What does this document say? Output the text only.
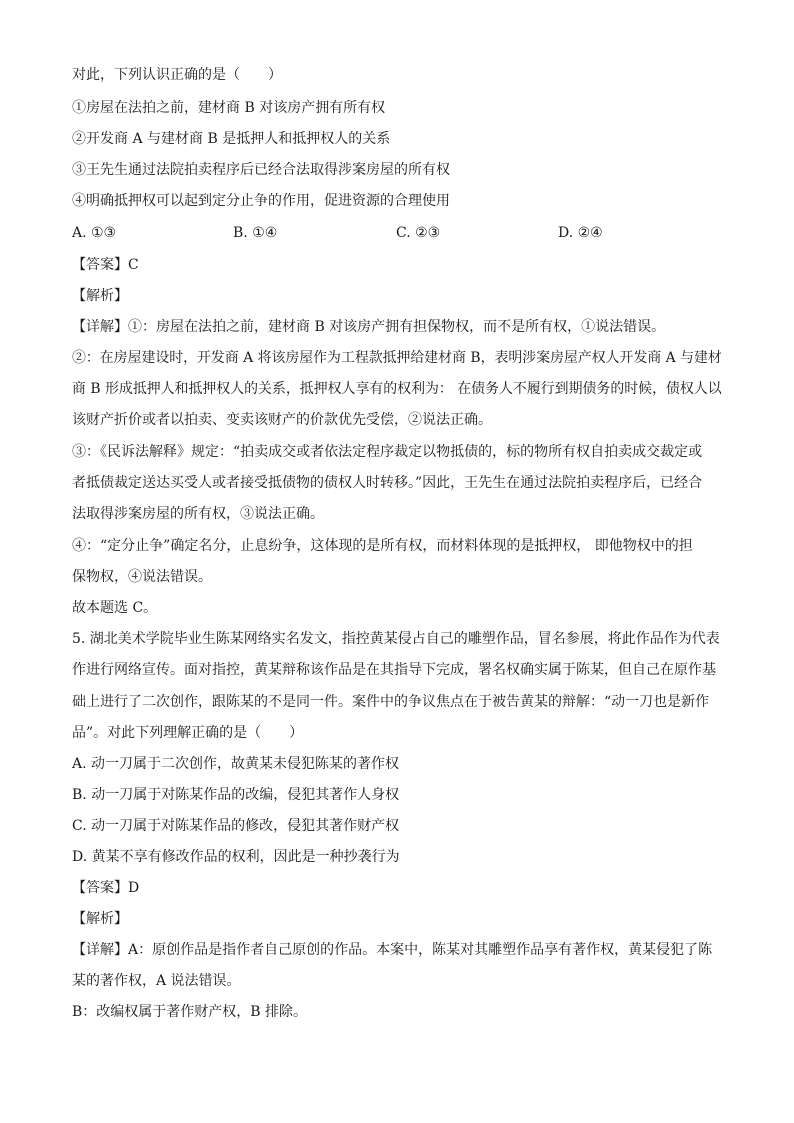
对此，下列认识正确的是（　　）
①房屋在法拍之前，建材商 B 对该房产拥有所有权
②开发商 A 与建材商 B 是抵押人和抵押权人的关系
③王先生通过法院拍卖程序后已经合法取得涉案房屋的所有权
④明确抵押权可以起到定分止争的作用，促进资源的合理使用
A. ①③	B. ①④	C. ②③	D. ②④
【答案】C
【解析】
【详解】①：房屋在法拍之前，建材商 B 对该房产拥有担保物权，而不是所有权，①说法错误。
②：在房屋建设时，开发商 A 将该房屋作为工程款抵押给建材商 B，表明涉案房屋产权人开发商 A 与建材
商 B 形成抵押人和抵押权人的关系，抵押权人享有的权利为： 在债务人不履行到期债务的时候，债权人以
该财产折价或者以拍卖、变卖该财产的价款优先受偿，②说法正确。
③：《民诉法解释》规定：“拍卖成交或者依法定程序裁定以物抵债的，标的物所有权自拍卖成交裁定或
者抵债裁定送达买受人或者接受抵债物的债权人时转移。”因此，王先生在通过法院拍卖程序后，已经合
法取得涉案房屋的所有权，③说法正确。
④：“定分止争”确定名分，止息纷争，这体现的是所有权，而材料体现的是抵押权， 即他物权中的担
保物权，④说法错误。
故本题选 C。
5. 湖北美术学院毕业生陈某网络实名发文，指控黄某侵占自己的雕塑作品，冒名参展，将此作品作为代表
作进行网络宣传。面对指控，黄某辩称该作品是在其指导下完成，署名权确实属于陈某，但自己在原作基
础上进行了二次创作，跟陈某的不是同一件。案件中的争议焦点在于被告黄某的辩解：“动一刀也是新作
品”。对此下列理解正确的是（　　）
A. 动一刀属于二次创作，故黄某未侵犯陈某的著作权
B. 动一刀属于对陈某作品的改编，侵犯其著作人身权
C. 动一刀属于对陈某作品的修改，侵犯其著作财产权
D. 黄某不享有修改作品的权利，因此是一种抄袭行为
【答案】D
【解析】
【详解】A：原创作品是指作者自己原创的作品。本案中，陈某对其雕塑作品享有著作权，黄某侵犯了陈
某的著作权，A 说法错误。
B：改编权属于著作财产权，B 排除。
